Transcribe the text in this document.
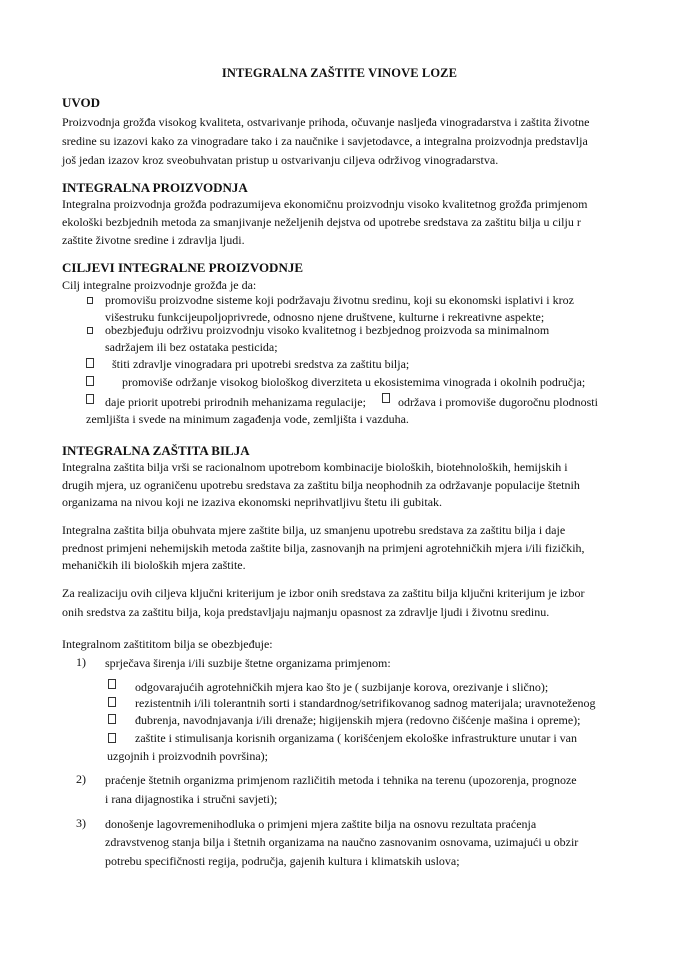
INTEGRALNA ZAŠTITE VINOVE LOZE
UVOD
Proizvodnja grožđa visokog kvaliteta, ostvarivanje prihoda, očuvanje nasljeđa vinogradarstva i zaštita životne
sredine su izazovi kako za vinogradare tako i za naučnike i savjetodavce, a integralna proizvodnja predstavlja
još jedan izazov kroz sveobuhvatan pristup u ostvarivanju ciljeva održivog vinogradarstva.
INTEGRALNA PROIZVODNJA
Integralna proizvodnja grožđa podrazumijeva ekonomičnu proizvodnju visoko kvalitetnog grožđa primjenom
ekološki bezbjednih metoda za smanjivanje neželjenih dejstva od upotrebe sredstava za zaštitu bilja u cilju r
zaštite životne sredine i zdravlja ljudi.
CILJEVI INTEGRALNE PROIZVODNJE
Cilj integralne proizvodnje grožđa je da:
promovišu proizvodne sisteme koji podržavaju životnu sredinu, koji su ekonomski isplativi i kroz
višestruku funkcijeupoljoprivrede, odnosno njene društvene, kulturne i rekreativne aspekte;
obezbjeđuju održivu proizvodnju visoko kvalitetnog i bezbjednog proizvoda sa minimalnom
sadržajem ili bez ostataka pesticida;
štiti zdravlje vinogradara pri upotrebi sredstva za zaštitu bilja;
promoviše održanje visokog biološkog diverziteta u ekosistemima vinograda i okolnih područja;
daje priorit upotrebi prirodnih mehanizama regulacije;	održava i promoviše dugoročnu plodnosti
zemljišta i svede na minimum zagađenja vode, zemljišta i vazduha.
INTEGRALNA ZAŠTITA BILJA
Integralna zaštita bilja vrši se racionalnom upotrebom kombinacije bioloških, biotehnoloških, hemijskih i
drugih mjera, uz ograničenu upotrebu sredstava za zaštitu bilja neophodnih za održavanje populacije štetnih
organizama na nivou koji ne izaziva ekonomski neprihvatljivu štetu ili gubitak.
Integralna zaštita bilja obuhvata mjere zaštite bilja, uz smanjenu upotrebu sredstava za zaštitu bilja i daje
prednost primjeni nehemijskih metoda zaštite bilja, zasnovanjh na primjeni agrotehničkih mjera i/ili fizičkih,
mehaničkih ili bioloških mjera zaštite.
Za realizaciju ovih ciljeva ključni kriterijum je izbor onih sredstava za zaštitu bilja ključni kriterijum je izbor
onih sredstva za zaštitu bilja, koja predstavljaju najmanju opasnost za zdravlje ljudi i životnu sredinu.
Integralnom zaštititom bilja se obezbjeđuje:
1) sprječava širenja i/ili suzbije štetne organizama primjenom:
odgovarajućih agrotehničkih mjera kao što je ( suzbijanje korova, orezivanje i slično);
rezistentnih i/ili tolerantnih sorti i standardnog/setrifikovanog sadnog materijala; uravnoteženog
đubrenja, navodnjavanja i/ili drenaže; higijenskih mjera (redovno čišćenje mašina i opreme);
zaštite i stimulisanja korisnih organizama ( korišćenjem ekološke infrastrukture unutar i van
uzgojnih i proizvodnih površina);
2) praćenje štetnih organizma primjenom različitih metoda i tehnika na terenu (upozorenja, prognoze
i rana dijagnostika i stručni savjeti);
3) donošenje lagovremenihodluka o primjeni mjera zaštite bilja na osnovu rezultata praćenja
zdravstvenog stanja bilja i štetnih organizama na naučno zasnovanim osnovama, uzimajući u obzir
potrebu specifičnosti regija, područja, gajenih kultura i klimatskih uslova;
